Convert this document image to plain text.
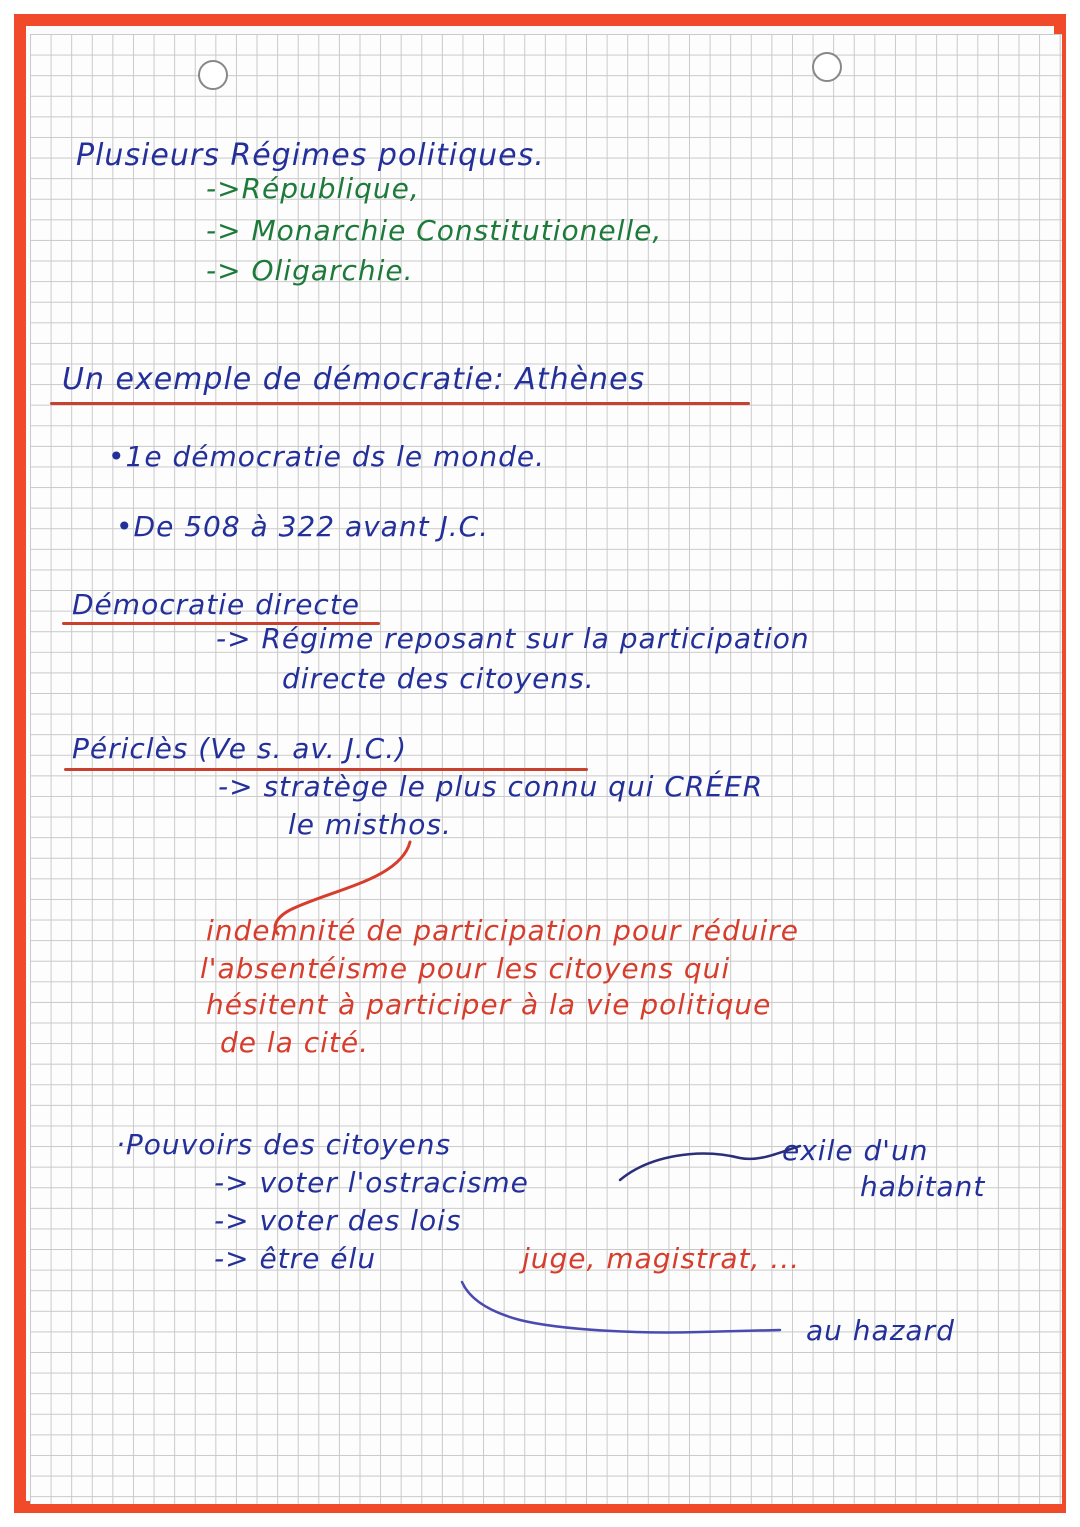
Plusieurs Régimes politiques.
->République,
-> Monarchie Constitutionelle,
-> Oligarchie.
Un exemple de démocratie: Athènes
•1e démocratie ds le monde.
•De 508 à 322 avant J.C.
Démocratie directe
-> Régime reposant sur la participation
directe des citoyens.
Périclès (Ve s. av. J.C.)
-> stratège le plus connu qui CRÉER
le misthos.
indemnité de participation pour réduire
l'absentéisme pour les citoyens qui
hésitent à participer à la vie politique
de la cité.
·Pouvoirs des citoyens
-> voter l'ostracisme
-> voter des lois
-> être élu	juge, magistrat, ...
exile d'un
habitant
au hazard
